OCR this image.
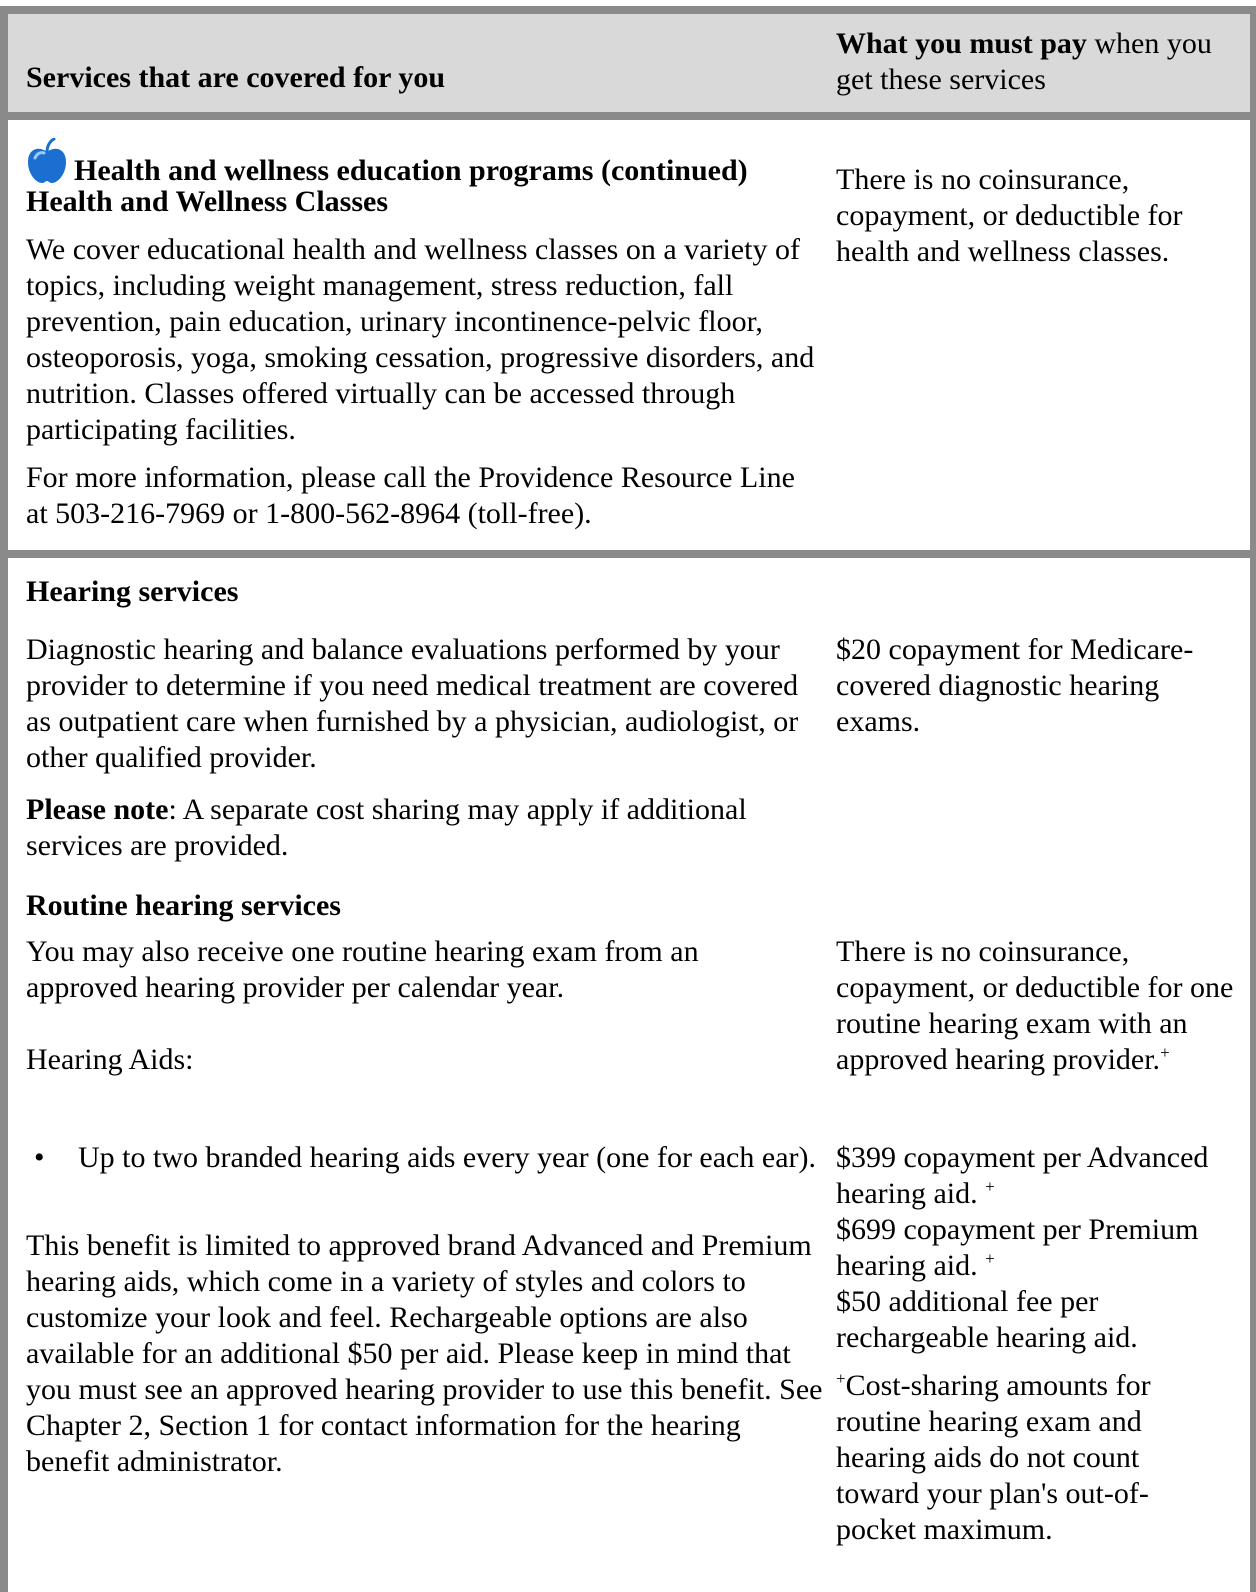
Services that are covered for you

What you must pay when you get these services

Health and wellness education programs (continued)

Health and Wellness Classes

We cover educational health and wellness classes on a variety of topics, including weight management, stress reduction, fall prevention, pain education, urinary incontinence-pelvic floor, osteoporosis, yoga, smoking cessation, progressive disorders, and nutrition. Classes offered virtually can be accessed through participating facilities.

For more information, please call the Providence Resource Line at 503-216-7969 or 1-800-562-8964 (toll-free).

There is no coinsurance, copayment, or deductible for health and wellness classes.

Hearing services

Diagnostic hearing and balance evaluations performed by your provider to determine if you need medical treatment are covered as outpatient care when furnished by a physician, audiologist, or other qualified provider.

$20 copayment for Medicare-covered diagnostic hearing exams.

Please note: A separate cost sharing may apply if additional services are provided.

Routine hearing services

You may also receive one routine hearing exam from an approved hearing provider per calendar year.

There is no coinsurance, copayment, or deductible for one routine hearing exam with an approved hearing provider.+

Hearing Aids:

• Up to two branded hearing aids every year (one for each ear).

This benefit is limited to approved brand Advanced and Premium hearing aids, which come in a variety of styles and colors to customize your look and feel. Rechargeable options are also available for an additional $50 per aid. Please keep in mind that you must see an approved hearing provider to use this benefit. See Chapter 2, Section 1 for contact information for the hearing benefit administrator.

$399 copayment per Advanced hearing aid. +
$699 copayment per Premium hearing aid. +
$50 additional fee per rechargeable hearing aid.
+Cost-sharing amounts for routine hearing exam and hearing aids do not count toward your plan's out-of-pocket maximum.
